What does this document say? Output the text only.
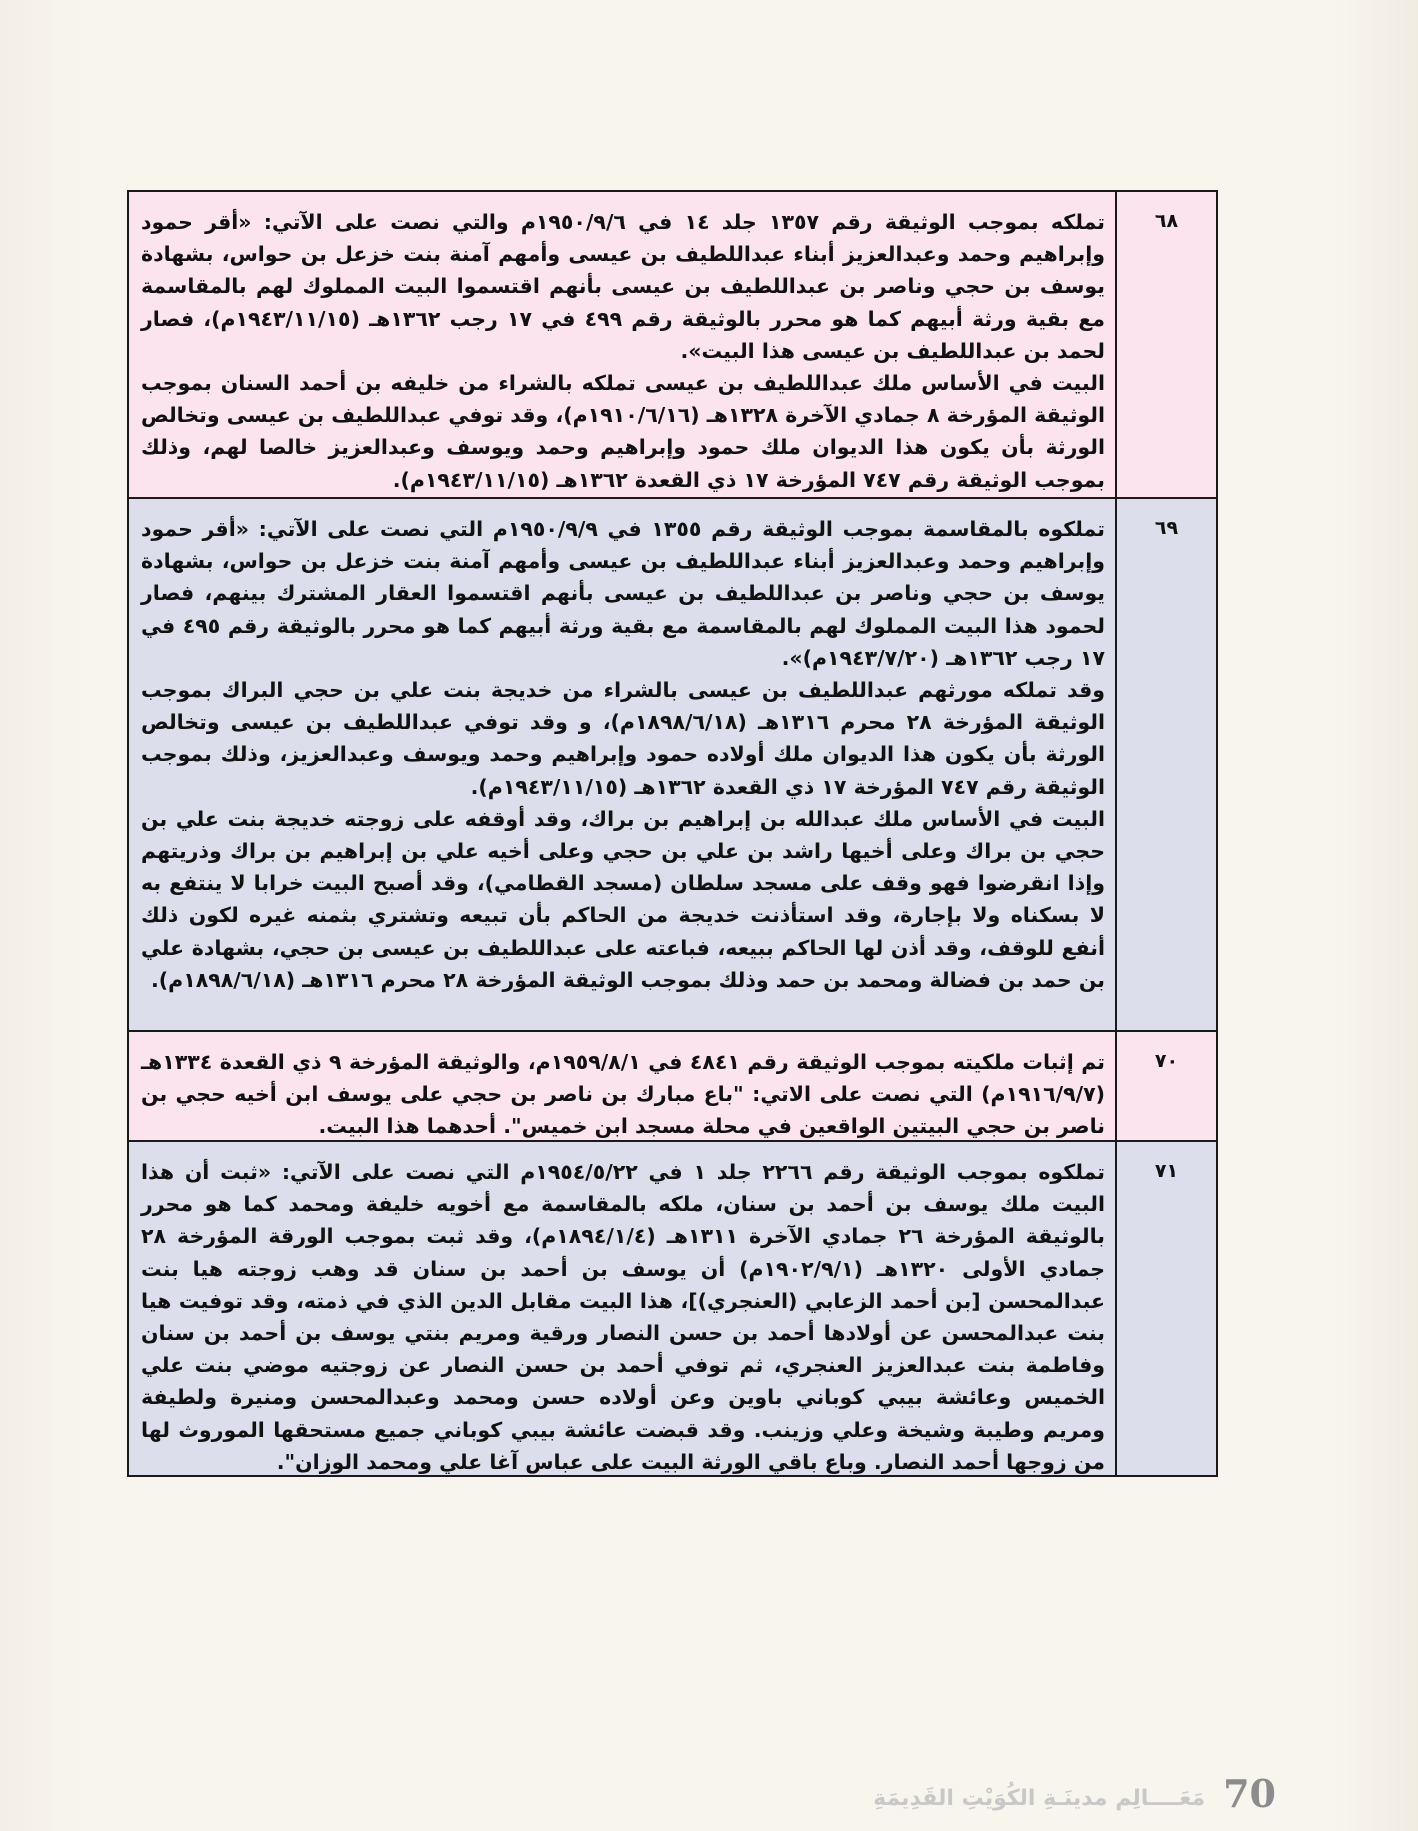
٦٨

تملكه بموجب الوثيقة رقم ١٣٥٧ جلد ١٤ في ١٩٥٠/٩/٦م والتي نصت على الآتي: «أقر حمود وإبراهيم وحمد وعبدالعزيز أبناء عبداللطيف بن عيسى وأمهم آمنة بنت خزعل بن حواس، بشهادة يوسف بن حجي وناصر بن عبداللطيف بن عيسى بأنهم اقتسموا البيت المملوك لهم بالمقاسمة مع بقية ورثة أبيهم كما هو محرر بالوثيقة رقم ٤٩٩ في ١٧ رجب ١٣٦٢هـ (١٩٤٣/١١/١٥م)، فصار لحمد بن عبداللطيف بن عيسى هذا البيت».

البيت في الأساس ملك عبداللطيف بن عيسى تملكه بالشراء من خليفه بن أحمد السنان بموجب الوثيقة المؤرخة ٨ جمادي الآخرة ١٣٢٨هـ (١٩١٠/٦/١٦م)، وقد توفي عبداللطيف بن عيسى وتخالص الورثة بأن يكون هذا الديوان ملك حمود وإبراهيم وحمد ويوسف وعبدالعزيز خالصا لهم، وذلك بموجب الوثيقة رقم ٧٤٧ المؤرخة ١٧ ذي القعدة ١٣٦٢هـ (١٩٤٣/١١/١٥م).

٦٩

تملكوه بالمقاسمة بموجب الوثيقة رقم ١٣٥٥ في ١٩٥٠/٩/٩م التي نصت على الآتي: «أقر حمود وإبراهيم وحمد وعبدالعزيز أبناء عبداللطيف بن عيسى وأمهم آمنة بنت خزعل بن حواس، بشهادة يوسف بن حجي وناصر بن عبداللطيف بن عيسى بأنهم اقتسموا العقار المشترك بينهم، فصار لحمود هذا البيت المملوك لهم بالمقاسمة مع بقية ورثة أبيهم كما هو محرر بالوثيقة رقم ٤٩٥ في ١٧ رجب ١٣٦٢هـ (١٩٤٣/٧/٢٠م)».

وقد تملكه مورثهم عبداللطيف بن عيسى بالشراء من خديجة بنت علي بن حجي البراك بموجب الوثيقة المؤرخة ٢٨ محرم ١٣١٦هـ (١٨٩٨/٦/١٨م)، و وقد توفي عبداللطيف بن عيسى وتخالص الورثة بأن يكون هذا الديوان ملك أولاده حمود وإبراهيم وحمد ويوسف وعبدالعزيز، وذلك بموجب الوثيقة رقم ٧٤٧ المؤرخة ١٧ ذي القعدة ١٣٦٢هـ (١٩٤٣/١١/١٥م).

البيت في الأساس ملك عبدالله بن إبراهيم بن براك، وقد أوقفه على زوجته خديجة بنت علي بن حجي بن براك وعلى أخيها راشد بن علي بن حجي وعلى أخيه علي بن إبراهيم بن براك وذريتهم وإذا انقرضوا فهو وقف على مسجد سلطان (مسجد القطامي)، وقد أصبح البيت خرابا لا ينتفع به لا بسكناه ولا بإجارة، وقد استأذنت خديجة من الحاكم بأن تبيعه وتشتري بثمنه غيره لكون ذلك أنفع للوقف، وقد أذن لها الحاكم ببيعه، فباعته على عبداللطيف بن عيسى بن حجي، بشهادة علي بن حمد بن فضالة ومحمد بن حمد وذلك بموجب الوثيقة المؤرخة ٢٨ محرم ١٣١٦هـ (١٨٩٨/٦/١٨م).

٧٠

تم إثبات ملكيته بموجب الوثيقة رقم ٤٨٤١ في ١٩٥٩/٨/١م، والوثيقة المؤرخة ٩ ذي القعدة ١٣٣٤هـ (١٩١٦/٩/٧م) التي نصت على الاتي: "باع مبارك بن ناصر بن حجي على يوسف ابن أخيه حجي بن ناصر بن حجي البيتين الواقعين في محلة مسجد ابن خميس". أحدهما هذا البيت.

٧١

تملكوه بموجب الوثيقة رقم ٢٢٦٦ جلد ١ في ١٩٥٤/٥/٢٢م التي نصت على الآتي: «ثبت أن هذا البيت ملك يوسف بن أحمد بن سنان، ملكه بالمقاسمة مع أخويه خليفة ومحمد كما هو محرر بالوثيقة المؤرخة ٢٦ جمادي الآخرة ١٣١١هـ (١٨٩٤/١/٤م)، وقد ثبت بموجب الورقة المؤرخة ٢٨ جمادي الأولى ١٣٢٠هـ (١٩٠٢/٩/١م) أن يوسف بن أحمد بن سنان قد وهب زوجته هيا بنت عبدالمحسن [بن أحمد الزعابي (العنجري)]، هذا البيت مقابل الدين الذي في ذمته، وقد توفيت هيا بنت عبدالمحسن عن أولادها أحمد بن حسن النصار ورقية ومريم بنتي يوسف بن أحمد بن سنان وفاطمة بنت عبدالعزيز العنجري، ثم توفي أحمد بن حسن النصار عن زوجتيه موضي بنت علي الخميس وعائشة بيبي كوباني باوين وعن أولاده حسن ومحمد وعبدالمحسن ومنيرة ولطيفة ومريم وطيبة وشيخة وعلي وزينب. وقد قبضت عائشة بيبي كوباني جميع مستحقها الموروث لها من زوجها أحمد النصار. وباع باقي الورثة البيت على عباس آغا علي ومحمد الوزان".

70
مَعَــــالِم مدينَـةِ الكُوَيْتِ القَدِيمَةِ
